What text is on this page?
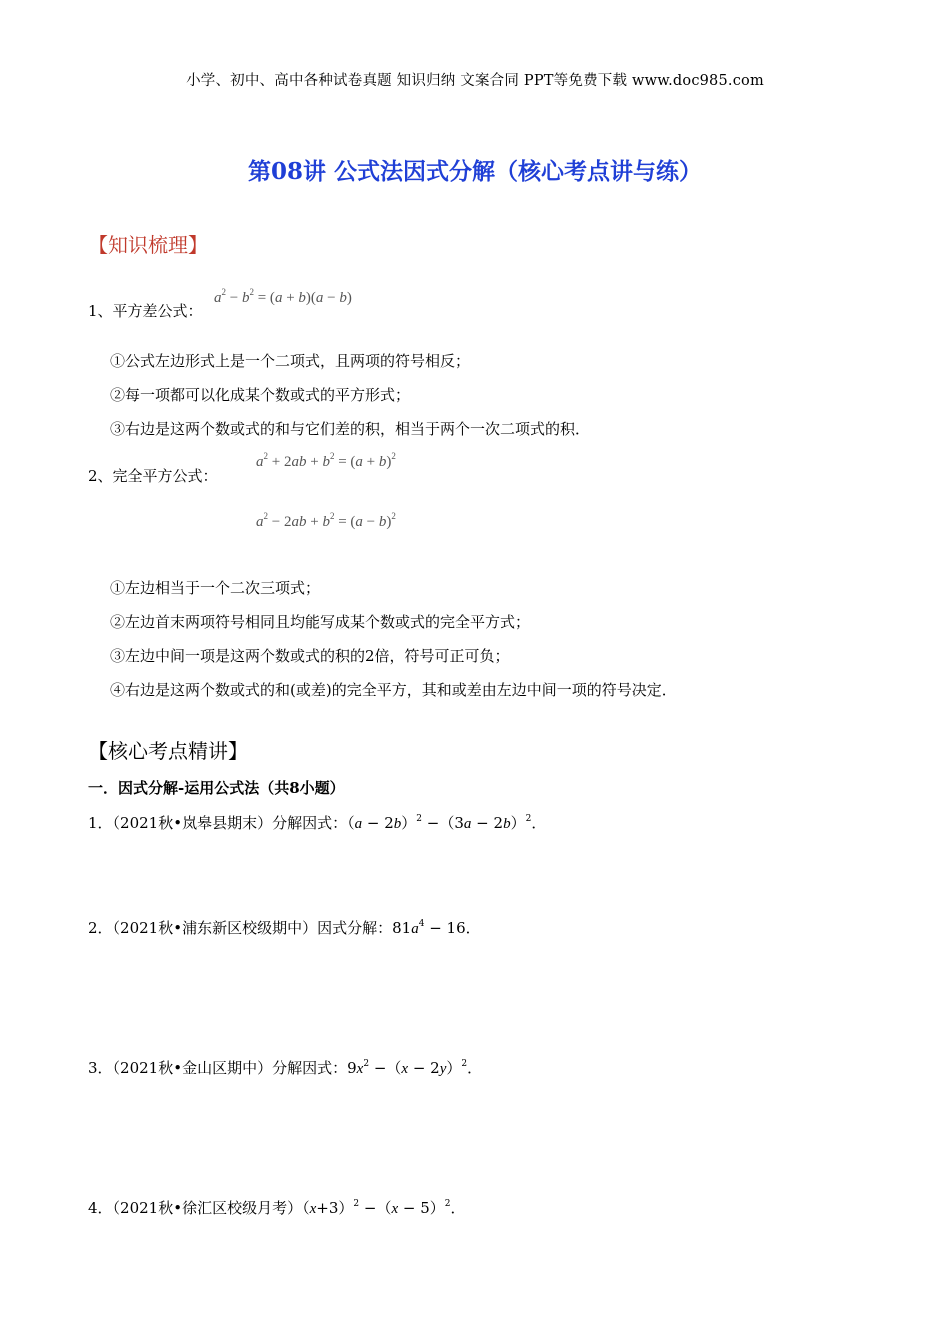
小学、初中、高中各种试卷真题 知识归纳 文案合同 PPT等免费下载 www.doc985.com
第08讲 公式法因式分解（核心考点讲与练）
【知识梳理】
1、平方差公式：
$a^2 - b^2 = (a + b)(a - b)$
①公式左边形式上是一个二项式，且两项的符号相反；
②每一项都可以化成某个数或式的平方形式；
③右边是这两个数或式的和与它们差的积，相当于两个一次二项式的积．
2、完全平方公式：
$a^2 + 2ab + b^2 = (a + b)^2$
$a^2 - 2ab + b^2 = (a - b)^2$
①左边相当于一个二次三项式；
②左边首末两项符号相同且均能写成某个数或式的完全平方式；
③左边中间一项是这两个数或式的积的2倍，符号可正可负；
④右边是这两个数或式的和(或差)的完全平方，其和或差由左边中间一项的符号决定．
【核心考点精讲】
一．因式分解-运用公式法（共8小题）
1．（2021秋•岚皋县期末）分解因式：$(a - 2b)^2 -(3a - 2b)^2$．
2．（2021秋•浦东新区校级期中）因式分解：$81a^4 - 16$．
3．（2021秋•金山区期中）分解因式：$9x^2 -(x - 2y)^2$．
4．（2021秋•徐汇区校级月考）$(x+3)^2 -(x - 5)^2$．
